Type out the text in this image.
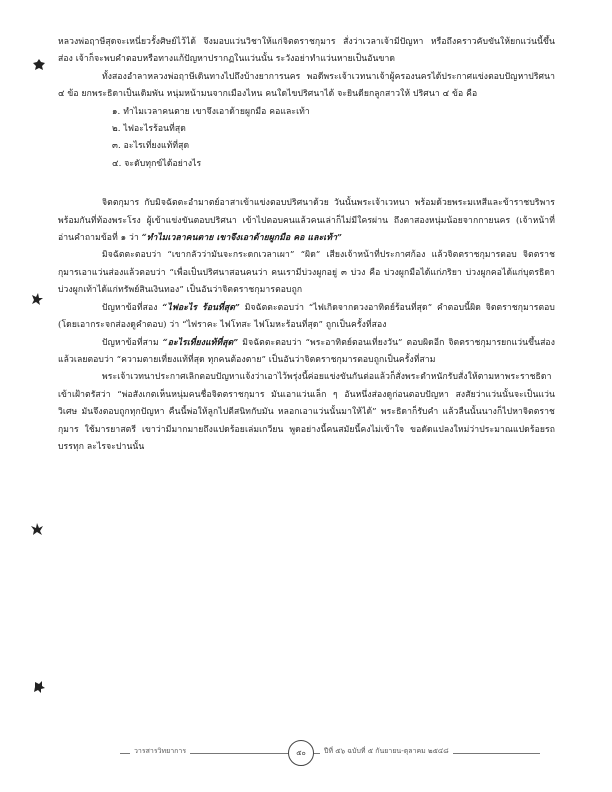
หลวงพ่อฤาษีสุดจะเหนี่ยวรั้งศิษย์ไว้ได้ จึงมอบแว่นวิชาให้แก่จิตตราชกุมาร สั่งว่าเวลาเจ้ามีปัญหา หรือถึงคราวคับขันให้ยกแว่นนี้ขึ้นส่อง เจ้าก็จะพบคำตอบหรือทางแก้ปัญหาปรากฏในแว่นนั้น ระวังอย่าทำแว่นหายเป็นอันขาด

ทั้งสองอำลาหลวงพ่อฤาษีเดินทางไปถึงบ้างยาการนคร พอดีพระเจ้าเวทนาเจ้าผู้ครองนครได้ประกาศแข่งตอบปัญหาปริศนา ๔ ข้อ ยกพระธิดาเป็นเดิมพัน หนุ่มหน้ามนจากเมืองไหน คนใดไขปริศนาได้ จะยินดียกลูกสาวให้ ปริศนา ๔ ข้อ คือ

๑. ทำไมเวลาคนตาย เขาจึงเอาด้ายผูกมือ คอและเท้า
๒. ไฟอะไรร้อนที่สุด
๓. อะไรเที่ยงแท้ที่สุด
๔. จะดับทุกข์ได้อย่างไร

จิตตกุมาร กับมิจฉัตตะอำมาตย์อาสาเข้าแข่งตอบปริศนาด้วย วันนั้นพระเจ้าเวทนา พร้อมด้วยพระมเหสีและข้าราชบริพารพร้อมกันที่ท้องพระโรง ผู้เข้าแข่งขันตอบปริศนา เข้าไปตอบคนแล้วคนเล่าก็ไม่มีใครผ่าน ถึงตาสองหนุ่มน้อยจากกายนคร (เจ้าหน้าที่อ่านคำถามข้อที่ ๑ ว่า “ทำไมเวลาคนตาย เขาจึงเอาด้ายผูกมือ คอ และเท้า”

มิจฉัตตะตอบว่า “เขากลัวว่ามันจะกระดกเวลาเผา” “ผิด” เสียงเจ้าหน้าที่ประกาศก้อง แล้วจิตตราชกุมารตอบ จิตตราชกุมารเอาแว่นส่องแล้วตอบว่า “เพื่อเป็นปริศนาสอนคนว่า คนเรามีบ่วงผูกอยู่ ๓ บ่วง คือ บ่วงผูกมือได้แก่ภริยา บ่วงผูกคอได้แก่บุตรธิดา บ่วงผูกเท้าได้แก่ทรัพย์สินเงินทอง” เป็นอันว่าจิตตราชกุมารตอบถูก

ปัญหาข้อที่สอง “ไฟอะไร ร้อนที่สุด” มิจฉัตตะตอบว่า “ไฟเกิดจากดวงอาทิตย์ร้อนที่สุด” คำตอบนี้ผิด จิตตราชกุมารตอบ (โดยเอากระจกส่องดูคำตอบ) ว่า “ไฟราคะ ไฟโทสะ ไฟโมหะร้อนที่สุด” ถูกเป็นครั้งที่สอง

ปัญหาข้อที่สาม “อะไรเที่ยงแท้ที่สุด” มิจฉัตตะตอบว่า “พระอาทิตย์ตอนเที่ยงวัน” ตอบผิดอีก จิตตราชกุมารยกแว่นขึ้นส่องแล้วเลยตอบว่า “ความตายเที่ยงแท้ที่สุด ทุกคนต้องตาย” เป็นอันว่าจิตตราชกุมารตอบถูกเป็นครั้งที่สาม

พระเจ้าเวทนาประกาศเลิกตอบปัญหาแจ้งว่าเอาไว้พรุ่งนี้ค่อยแข่งขันกันต่อแล้วก็สั่งพระตำหนักรับสั่งให้ตามหาพระราชธิดาเข้าเฝ้าตรัสว่า “พ่อสังเกตเห็นหนุ่มคนชื่อจิตตราชกุมาร มันเอาแว่นเล็ก ๆ อันหนึ่งส่องดูก่อนตอบปัญหา สงสัยว่าแว่นนั้นจะเป็นแว่นวิเศษ มันจึงตอบถูกทุกปัญหา คืนนี้พ่อให้ลูกไปตีสนิทกับมัน หลอกเอาแว่นนั้นมาให้ได้” พระธิดาก็รับคำ แล้วลืนนั้นนางก็ไปหาจิตตราชกุมาร ใช้มารยาสตรี เขาว่ามีมากมายถึงแปดร้อยเล่มเกวียน พูดอย่างนี้คนสมัยนี้คงไม่เข้าใจ ขอดัดแปลงใหม่ว่าประมาณแปดร้อยรถบรรทุก ละไรจะปานนั้น

วารสารวิทยาการ	๕๐	ปีที่ ๕๖ ฉบับที่ ๕ กันยายน-ตุลาคม ๒๕๔๘
